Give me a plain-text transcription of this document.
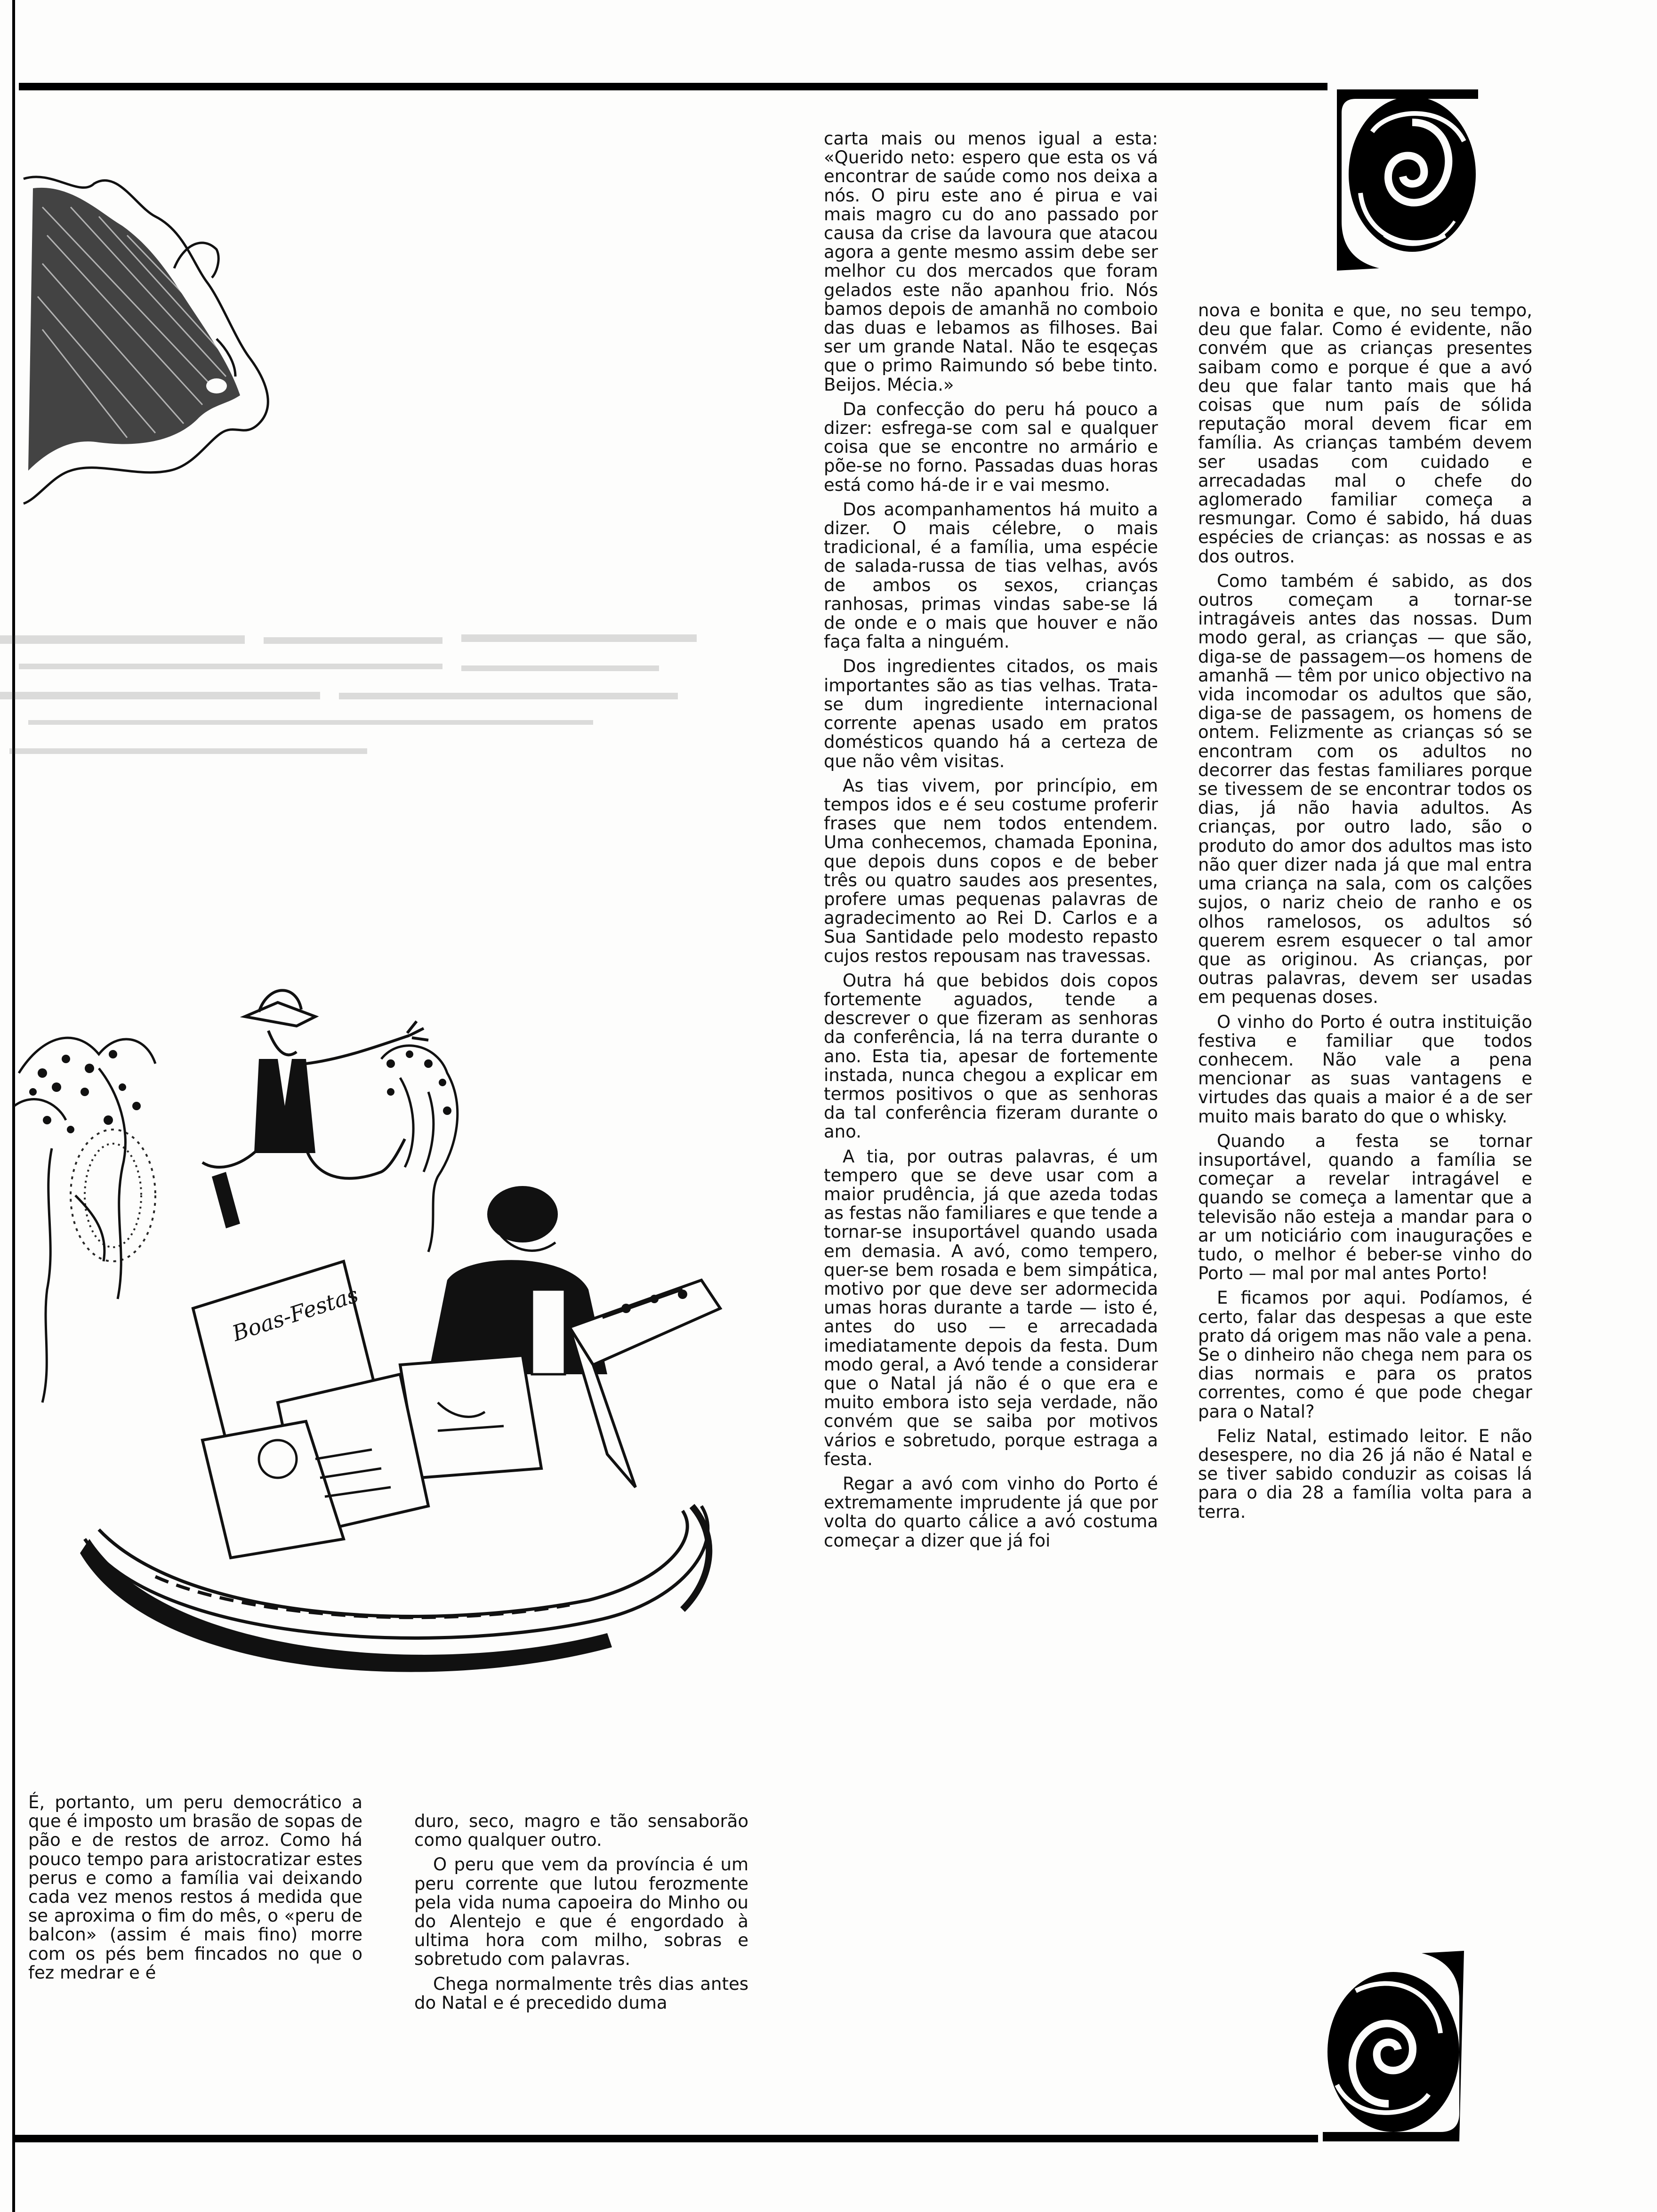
Boas-Festas

É, portanto, um peru democrático a que é imposto um brasão de sopas de pão e de restos de arroz. Como há pouco tempo para aristocratizar estes perus e como a família vai deixando cada vez menos restos á medida que se aproxima o fim do mês, o «peru de balcon» (assim é mais fino) morre com os pés bem fincados no que o fez medrar e é

duro, seco, magro e tão sensaborão como qualquer outro.

O peru que vem da província é um peru corrente que lutou ferozmente pela vida numa capoeira do Minho ou do Alentejo e que é engordado à ultima hora com milho, sobras e sobretudo com palavras.

Chega normalmente três dias antes do Natal e é precedido duma

carta mais ou menos igual a esta: «Querido neto: espero que esta os vá encontrar de saúde como nos deixa a nós. O piru este ano é pirua e vai mais magro cu do ano passado por causa da crise da lavoura que atacou agora a gente mesmo assim debe ser melhor cu dos mercados que foram gelados este não apanhou frio. Nós bamos depois de amanhã no comboio das duas e lebamos as filhoses. Bai ser um grande Natal. Não te esqeças que o primo Raimundo só bebe tinto. Beijos. Mécia.»

Da confecção do peru há pouco a dizer: esfrega-se com sal e qualquer coisa que se encontre no armário e põe-se no forno. Passadas duas horas está como há-de ir e vai mesmo.

Dos acompanhamentos há muito a dizer. O mais célebre, o mais tradicional, é a família, uma espécie de salada-russa de tias velhas, avós de ambos os sexos, crianças ranhosas, primas vindas sabe-se lá de onde e o mais que houver e não faça falta a ninguém.

Dos ingredientes citados, os mais importantes são as tias velhas. Trata-se dum ingrediente internacional corrente apenas usado em pratos domésticos quando há a certeza de que não vêm visitas.

As tias vivem, por princípio, em tempos idos e é seu costume proferir frases que nem todos entendem. Uma conhecemos, chamada Eponina, que depois duns copos e de beber três ou quatro saudes aos presentes, profere umas pequenas palavras de agradecimento ao Rei D. Carlos e a Sua Santidade pelo modesto repasto cujos restos repousam nas travessas.

Outra há que bebidos dois copos fortemente aguados, tende a descrever o que fizeram as senhoras da conferência, lá na terra durante o ano. Esta tia, apesar de fortemente instada, nunca chegou a explicar em termos positivos o que as senhoras da tal conferência fizeram durante o ano.

A tia, por outras palavras, é um tempero que se deve usar com a maior prudência, já que azeda todas as festas não familiares e que tende a tornar-se insuportável quando usada em demasia. A avó, como tempero, quer-se bem rosada e bem simpática, motivo por que deve ser adormecida umas horas durante a tarde — isto é, antes do uso — e arrecadada imediatamente depois da festa. Dum modo geral, a Avó tende a considerar que o Natal já não é o que era e muito embora isto seja verdade, não convém que se saiba por motivos vários e sobretudo, porque estraga a festa.

Regar a avó com vinho do Porto é extremamente imprudente já que por volta do quarto cálice a avó costuma começar a dizer que já foi

nova e bonita e que, no seu tempo, deu que falar. Como é evidente, não convém que as crianças presentes saibam como e porque é que a avó deu que falar tanto mais que há coisas que num país de sólida reputação moral devem ficar em família. As crianças também devem ser usadas com cuidado e arrecadadas mal o chefe do aglomerado familiar começa a resmungar. Como é sabido, há duas espécies de crianças: as nossas e as dos outros.

Como também é sabido, as dos outros começam a tornar-se intragáveis antes das nossas. Dum modo geral, as crianças — que são, diga-se de passagem—os homens de amanhã — têm por unico objectivo na vida incomodar os adultos que são, diga-se de passagem, os homens de ontem. Felizmente as crianças só se encontram com os adultos no decorrer das festas familiares porque se tivessem de se encontrar todos os dias, já não havia adultos. As crianças, por outro lado, são o produto do amor dos adultos mas isto não quer dizer nada já que mal entra uma criança na sala, com os calções sujos, o nariz cheio de ranho e os olhos ramelosos, os adultos só querem esrem esquecer o tal amor que as originou. As crianças, por outras palavras, devem ser usadas em pequenas doses.

O vinho do Porto é outra instituição festiva e familiar que todos conhecem. Não vale a pena mencionar as suas vantagens e virtudes das quais a maior é a de ser muito mais barato do que o whisky.

Quando a festa se tornar insuportável, quando a família se começar a revelar intragável e quando se começa a lamentar que a televisão não esteja a mandar para o ar um noticiário com inaugurações e tudo, o melhor é beber-se vinho do Porto — mal por mal antes Porto!

E ficamos por aqui. Podíamos, é certo, falar das despesas a que este prato dá origem mas não vale a pena. Se o dinheiro não chega nem para os dias normais e para os pratos correntes, como é que pode chegar para o Natal?

Feliz Natal, estimado leitor. E não desespere, no dia 26 já não é Natal e se tiver sabido conduzir as coisas lá para o dia 28 a família volta para a terra.
